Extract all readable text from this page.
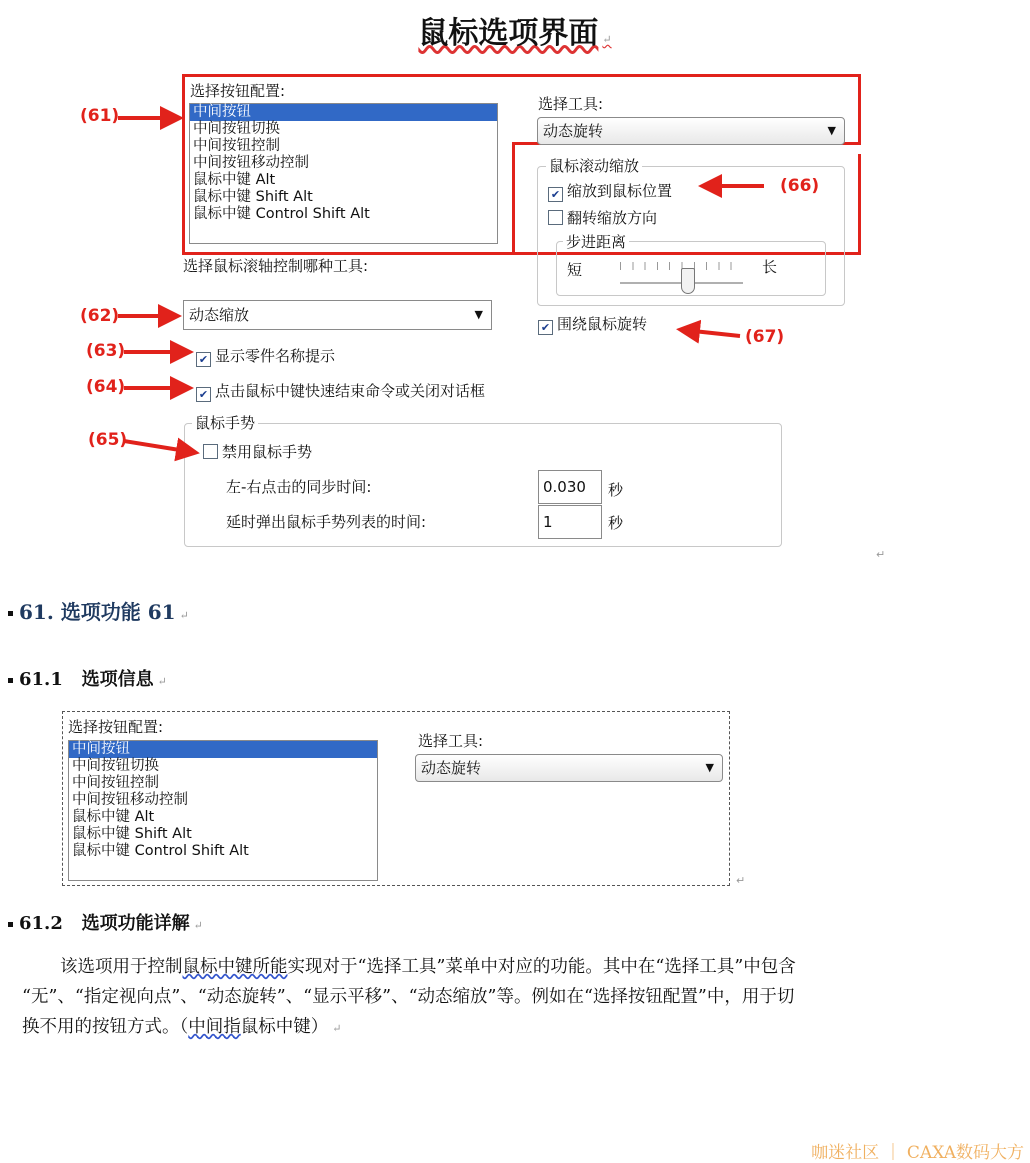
鼠标选项界面 ↵
选择按钮配置:
中间按钮
中间按钮切换
中间按钮控制
中间按钮移动控制
鼠标中键 Alt
鼠标中键 Shift Alt
鼠标中键 Control Shift Alt
选择工具:
动态旋转	▼
鼠标滚动缩放
✔ 缩放到鼠标位置
翻转缩放方向
步进距离
短	长
选择鼠标滚轴控制哪种工具:
动态缩放	▼
✔ 围绕鼠标旋转
✔ 显示零件名称提示
✔ 点击鼠标中键快速结束命令或关闭对话框
鼠标手势
禁用鼠标手势
左-右点击的同步时间:	0.030	秒
延时弹出鼠标手势列表的时间:	1	秒
(61)
(62)
(63)
(64)
(65)
(66)
(67)
↵
61. 选项功能 61 ↵
61.1 选项信息 ↵
选择按钮配置:
中间按钮
中间按钮切换
中间按钮控制
中间按钮移动控制
鼠标中键 Alt
鼠标中键 Shift Alt
鼠标中键 Control Shift Alt
选择工具:
动态旋转	▼
↵
61.2 选项功能详解 ↵
该选项用于控制鼠标中键所能实现对于“选择工具”菜单中对应的功能。其中在“选择工具”中包含
“无”、“指定视向点”、“动态旋转”、“显示平移”、“动态缩放”等。例如在“选择按钮配置”中，用于切
换不用的按钮方式。（中间指鼠标中键） ↵
咖迷社区 ｜ CAXA数码大方
